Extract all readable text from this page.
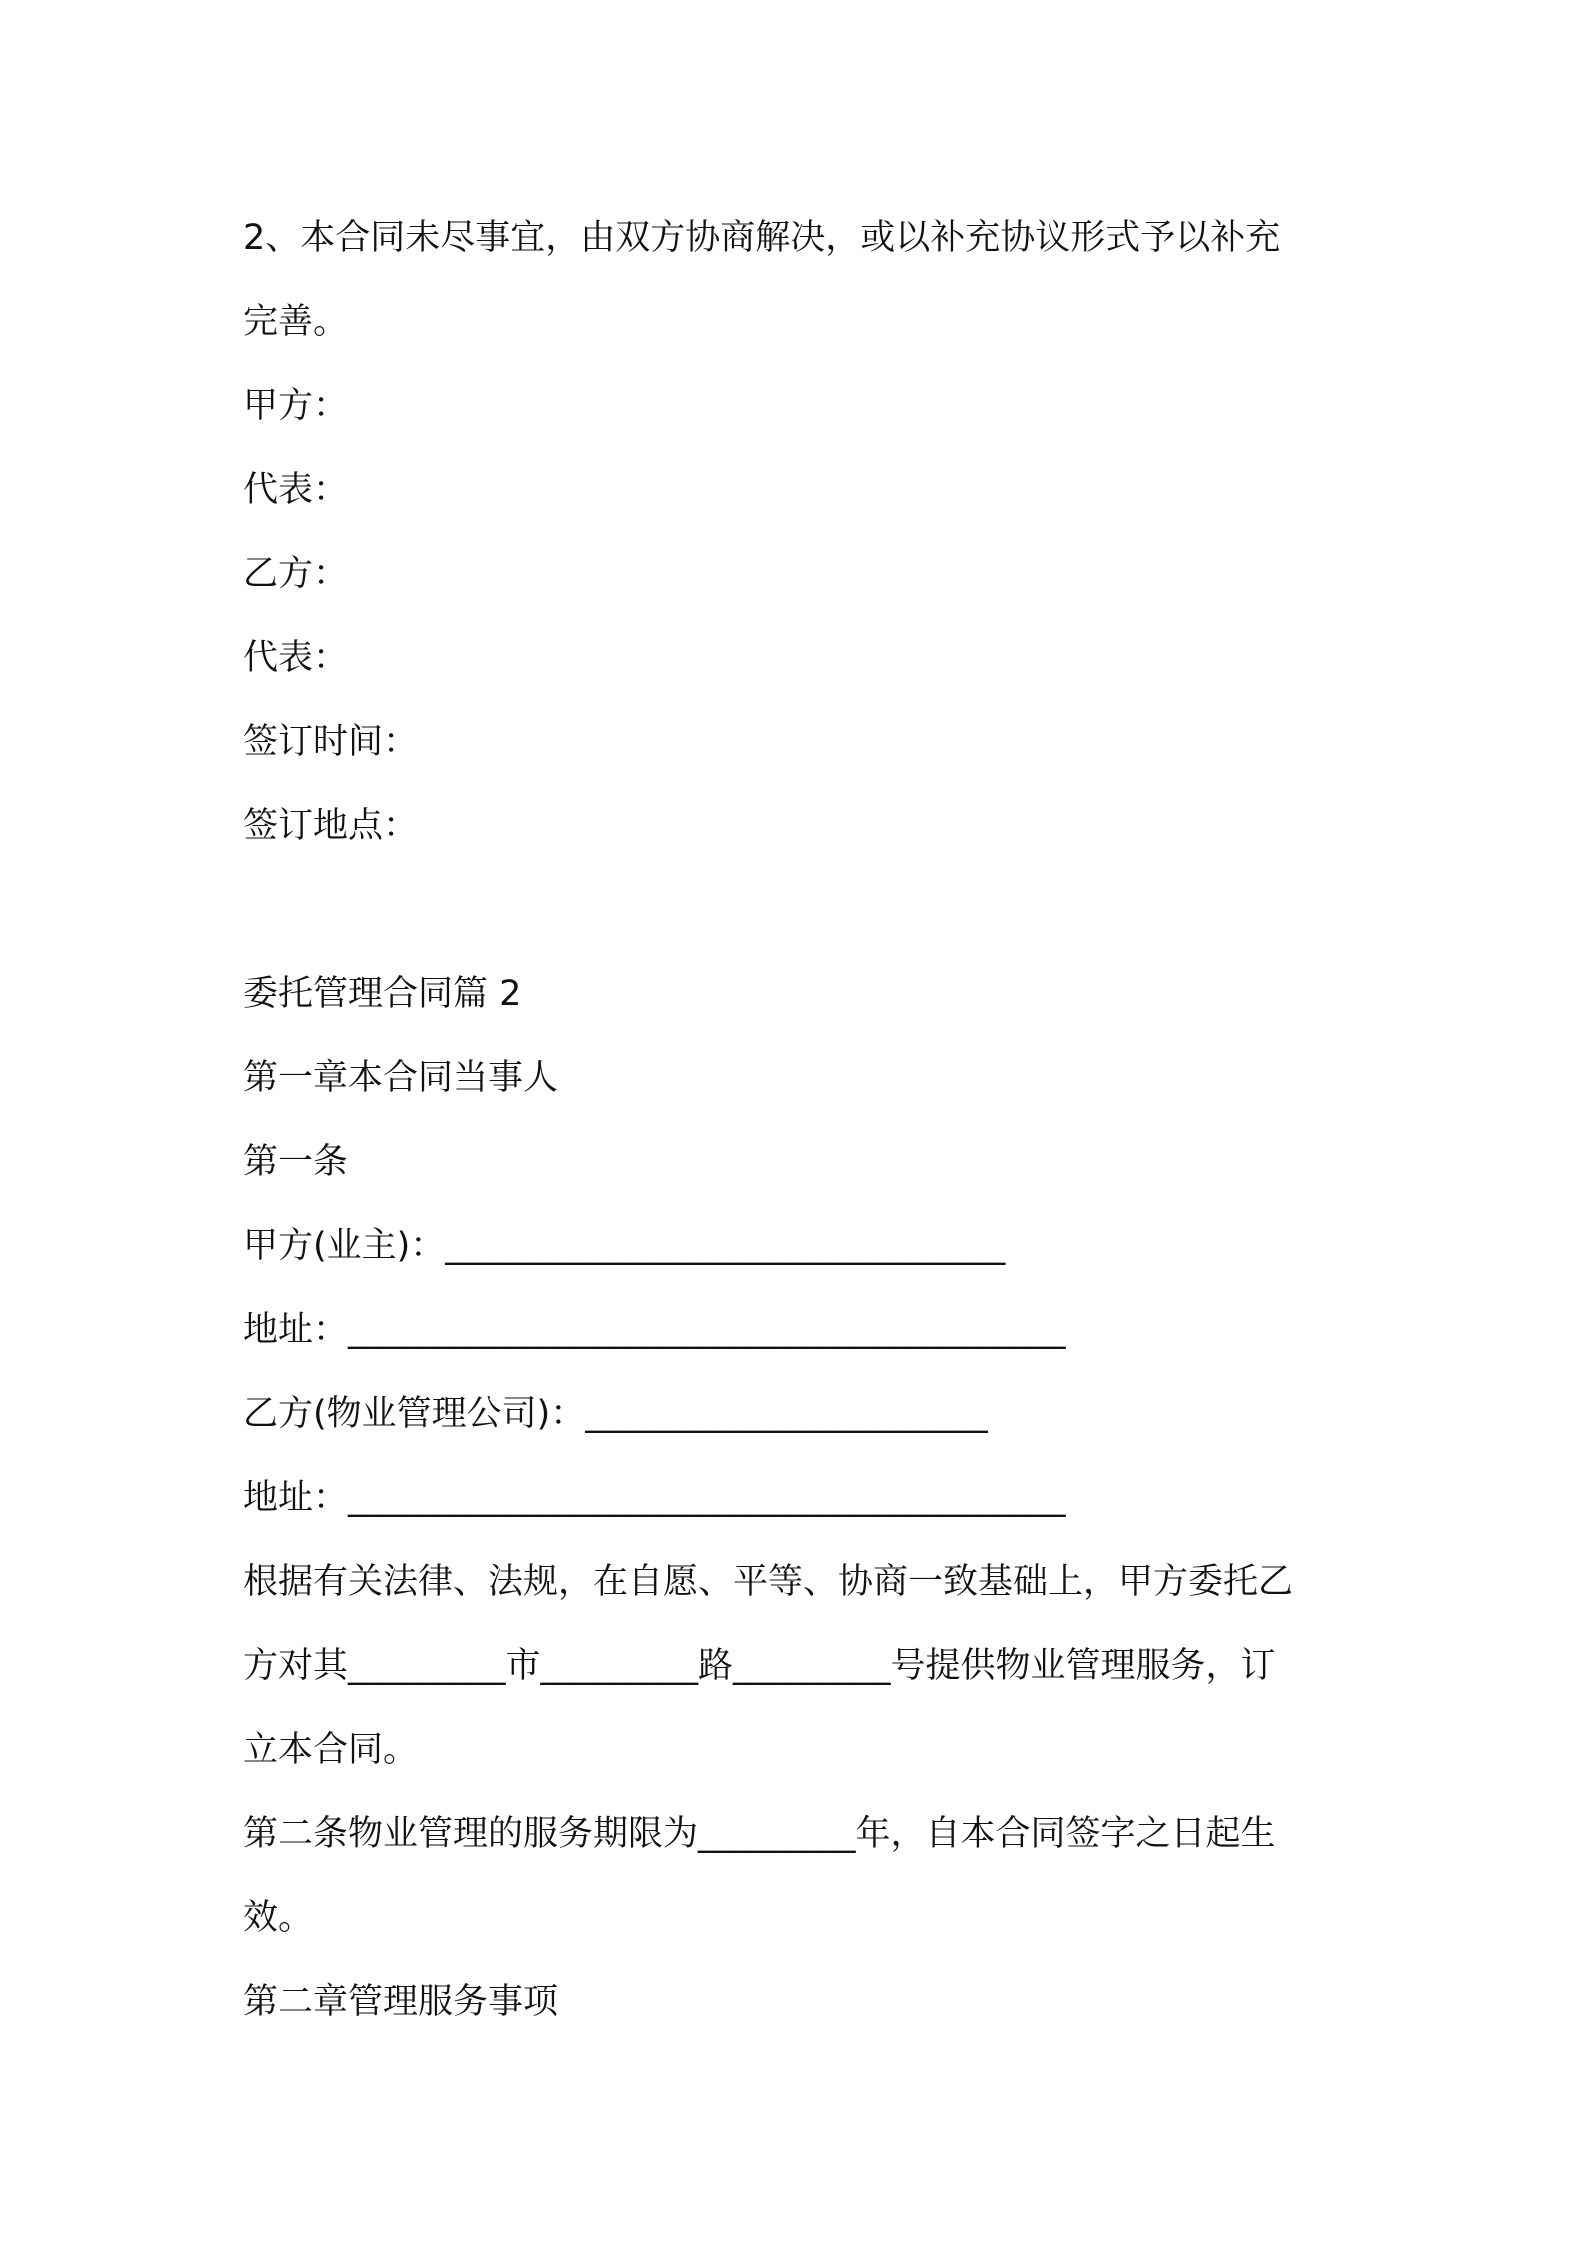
2、本合同未尽事宜，由双方协商解决，或以补充协议形式予以补充
完善。
甲方：
代表：
乙方：
代表：
签订时间：
签订地点：
委托管理合同篇 2
第一章本合同当事人
第一条
甲方(业主)：________________________________
地址：_________________________________________
乙方(物业管理公司)：_______________________
地址：_________________________________________
根据有关法律、法规，在自愿、平等、协商一致基础上，甲方委托乙
方对其_________市_________路_________号提供物业管理服务，订
立本合同。
第二条物业管理的服务期限为_________年，自本合同签字之日起生
效。
第二章管理服务事项
